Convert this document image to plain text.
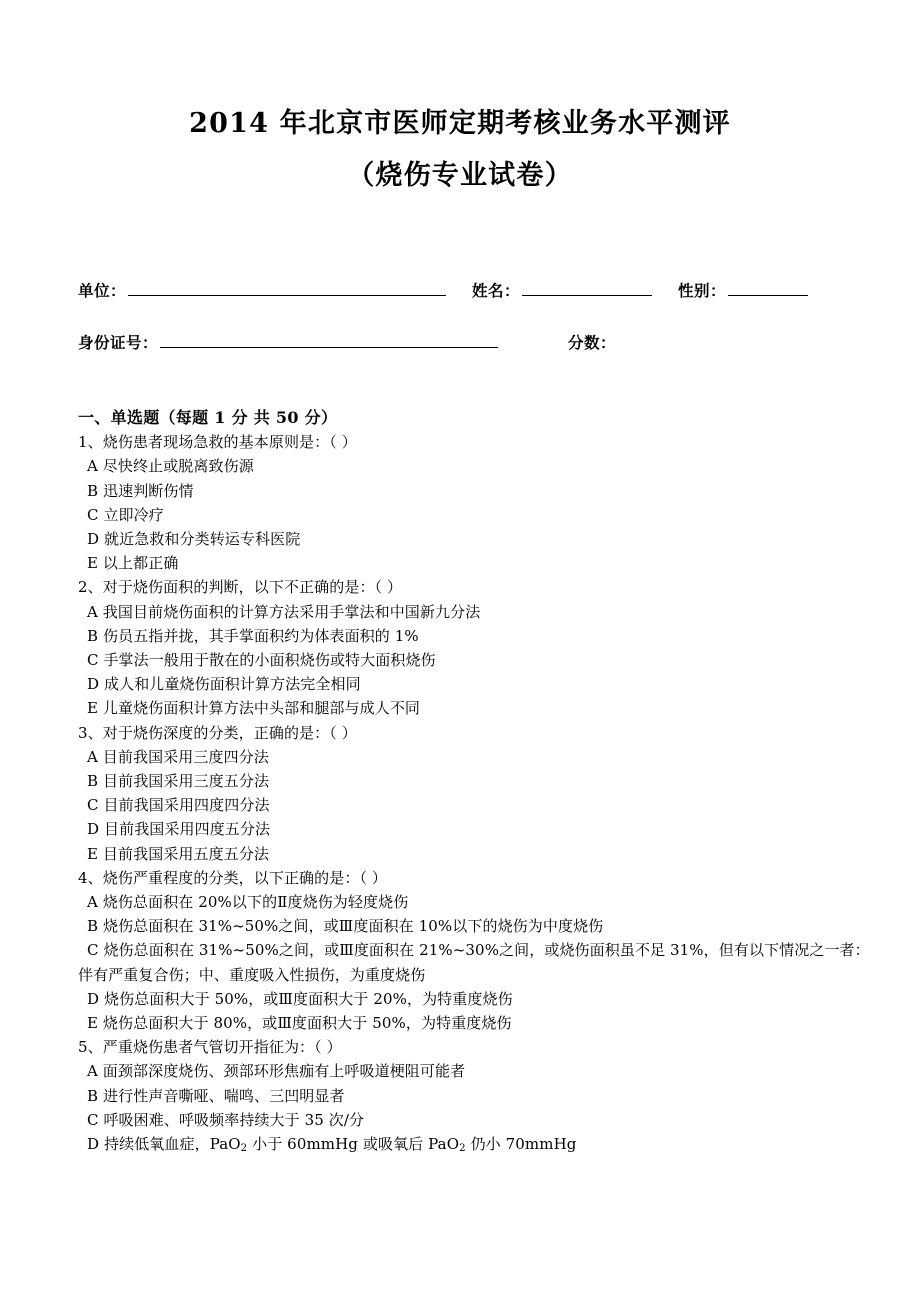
2014 年北京市医师定期考核业务水平测评
（烧伤专业试卷）
单位：	姓名：	性别：
身份证号：	分数：
一、单选题（每题 1 分 共 50 分）
1、烧伤患者现场急救的基本原则是：（ ）
A 尽快终止或脱离致伤源
B 迅速判断伤情
C 立即冷疗
D 就近急救和分类转运专科医院
E 以上都正确
2、对于烧伤面积的判断，以下不正确的是：（ ）
A 我国目前烧伤面积的计算方法采用手掌法和中国新九分法
B 伤员五指并拢，其手掌面积约为体表面积的 1%
C 手掌法一般用于散在的小面积烧伤或特大面积烧伤
D 成人和儿童烧伤面积计算方法完全相同
E 儿童烧伤面积计算方法中头部和腿部与成人不同
3、对于烧伤深度的分类，正确的是：（ ）
A 目前我国采用三度四分法
B 目前我国采用三度五分法
C 目前我国采用四度四分法
D 目前我国采用四度五分法
E 目前我国采用五度五分法
4、烧伤严重程度的分类，以下正确的是：（ ）
A 烧伤总面积在 20%以下的Ⅱ度烧伤为轻度烧伤
B 烧伤总面积在 31%~50%之间，或Ⅲ度面积在 10%以下的烧伤为中度烧伤
C 烧伤总面积在 31%~50%之间，或Ⅲ度面积在 21%~30%之间，或烧伤面积虽不足 31%，但有以下情况之一者：
伴有严重复合伤；中、重度吸入性损伤，为重度烧伤
D 烧伤总面积大于 50%，或Ⅲ度面积大于 20%，为特重度烧伤
E 烧伤总面积大于 80%，或Ⅲ度面积大于 50%，为特重度烧伤
5、严重烧伤患者气管切开指征为：（ ）
A 面颈部深度烧伤、颈部环形焦痂有上呼吸道梗阻可能者
B 进行性声音嘶哑、喘鸣、三凹明显者
C 呼吸困难、呼吸频率持续大于 35 次/分
D 持续低氧血症，PaO$_2$ 小于 60mmHg 或吸氧后 PaO$_2$ 仍小 70mmHg
